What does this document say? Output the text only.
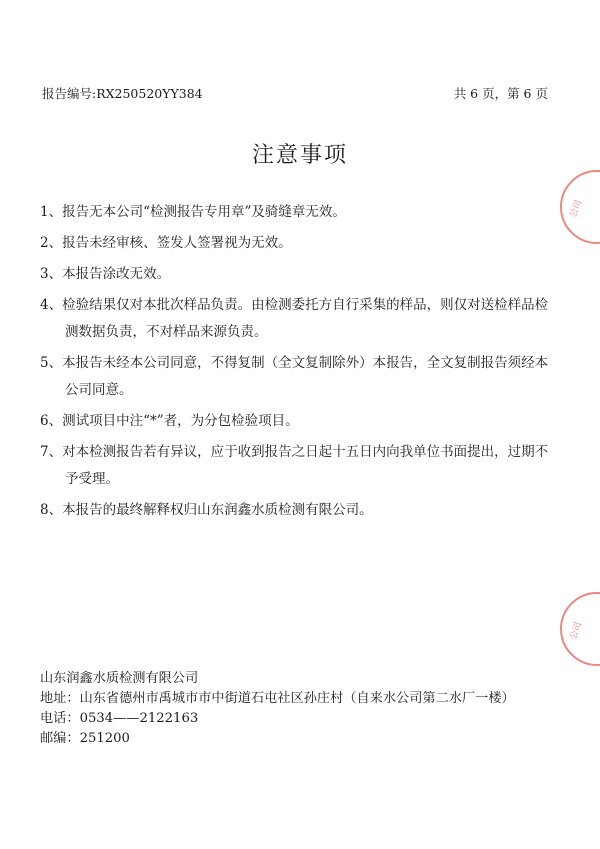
报告编号:RX250520YY384	共 6 页，第 6 页
注意事项
1、报告无本公司“检测报告专用章”及骑缝章无效。
2、报告未经审核、签发人签署视为无效。
3、本报告涂改无效。
4、检验结果仅对本批次样品负责。由检测委托方自行采集的样品，则仅对送检样品检测数据负责，不对样品来源负责。
5、本报告未经本公司同意，不得复制（全文复制除外）本报告，全文复制报告须经本公司同意。
6、测试项目中注“*”者，为分包检验项目。
7、对本检测报告若有异议，应于收到报告之日起十五日内向我单位书面提出，过期不予受理。
8、本报告的最终解释权归山东润鑫水质检测有限公司。
山东润鑫水质检测有限公司
地址： 山东省德州市禹城市市中街道石屯社区孙庄村（自来水公司第二水厂一楼）
电话： 0534——2122163
邮编： 251200
公司
公司
